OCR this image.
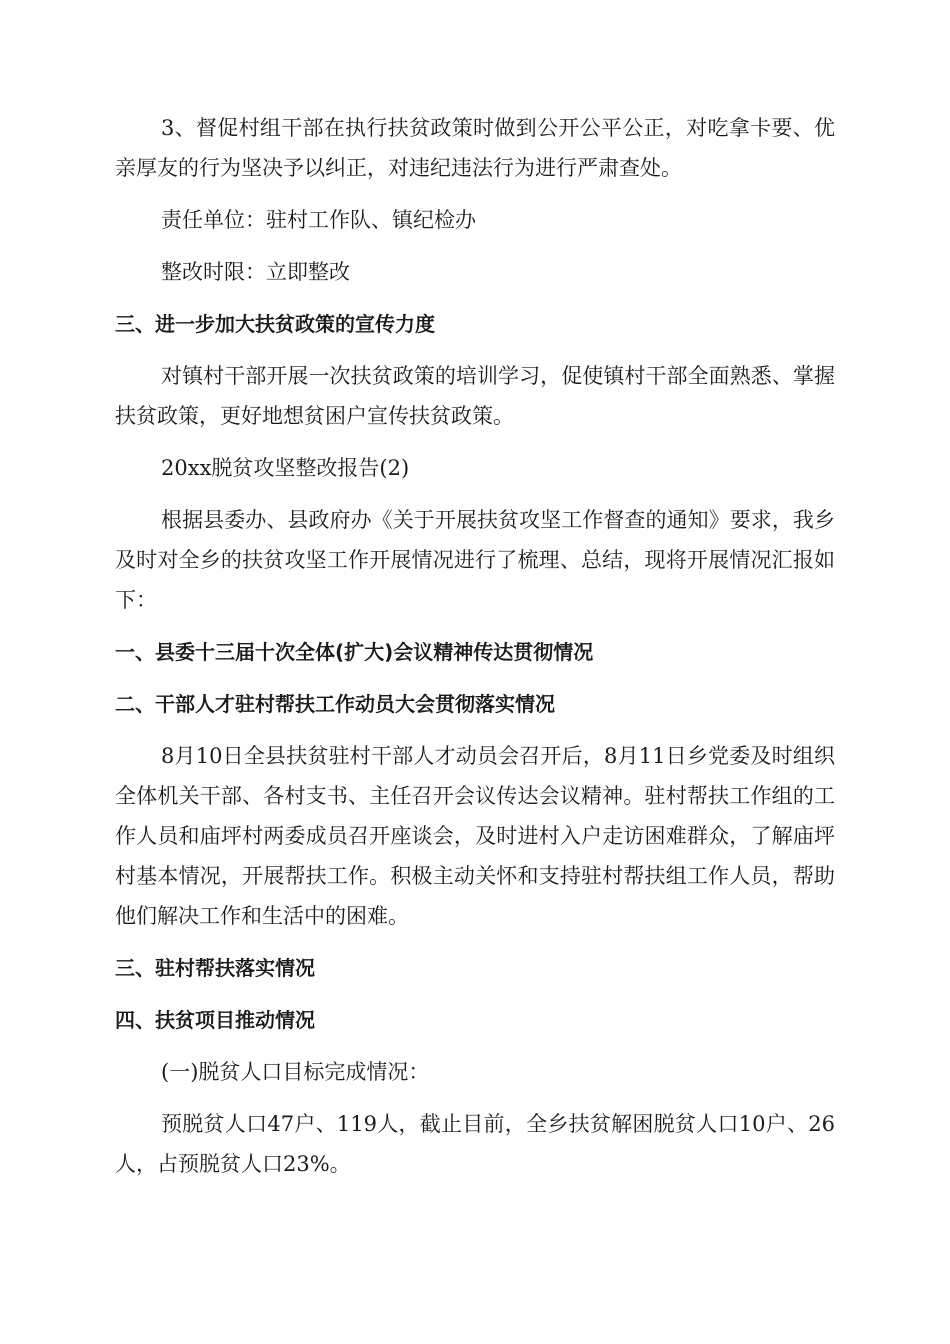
3、督促村组干部在执行扶贫政策时做到公开公平公正，对吃拿卡要、优亲厚友的行为坚决予以纠正，对违纪违法行为进行严肃查处。

责任单位：驻村工作队、镇纪检办

整改时限：立即整改

三、进一步加大扶贫政策的宣传力度

对镇村干部开展一次扶贫政策的培训学习，促使镇村干部全面熟悉、掌握扶贫政策，更好地想贫困户宣传扶贫政策。

20xx脱贫攻坚整改报告(2)

根据县委办、县政府办《关于开展扶贫攻坚工作督查的通知》要求，我乡及时对全乡的扶贫攻坚工作开展情况进行了梳理、总结，现将开展情况汇报如下：

一、县委十三届十次全体(扩大)会议精神传达贯彻情况

二、干部人才驻村帮扶工作动员大会贯彻落实情况

8月10日全县扶贫驻村干部人才动员会召开后，8月11日乡党委及时组织全体机关干部、各村支书、主任召开会议传达会议精神。驻村帮扶工作组的工作人员和庙坪村两委成员召开座谈会，及时进村入户走访困难群众，了解庙坪村基本情况，开展帮扶工作。积极主动关怀和支持驻村帮扶组工作人员，帮助他们解决工作和生活中的困难。

三、驻村帮扶落实情况

四、扶贫项目推动情况

(一)脱贫人口目标完成情况：

预脱贫人口47户、119人，截止目前，全乡扶贫解困脱贫人口10户、26人，占预脱贫人口23%。
